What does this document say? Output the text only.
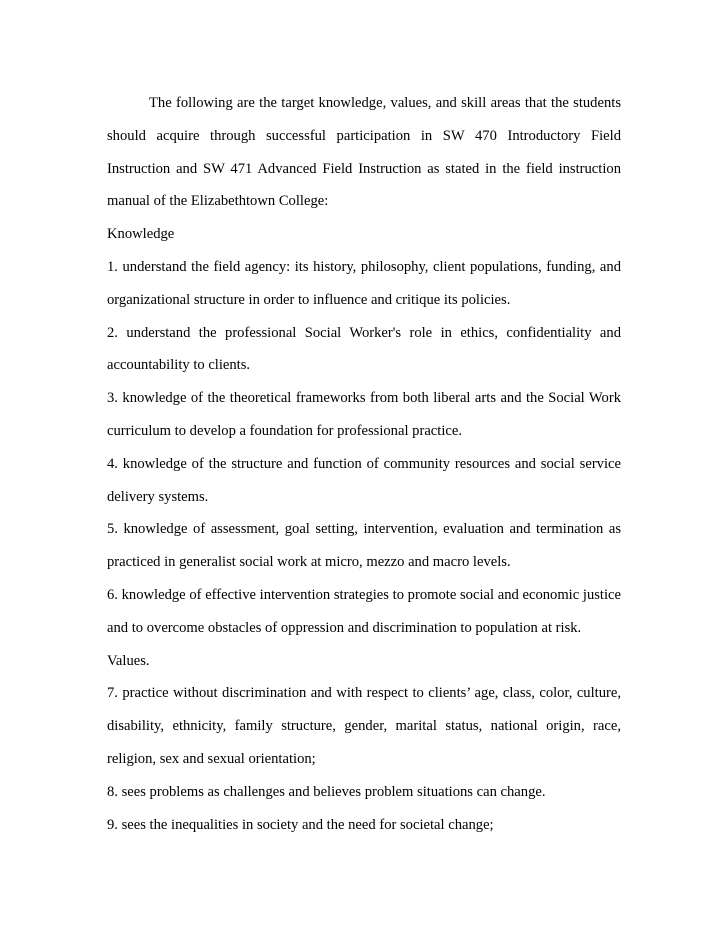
The following are the target knowledge, values, and skill areas that the students should acquire through successful participation in SW 470 Introductory Field Instruction and SW 471 Advanced Field Instruction as stated in the field instruction manual of the Elizabethtown College:

Knowledge

1. understand the field agency: its history, philosophy, client populations, funding, and organizational structure in order to influence and critique its policies.

2. understand the professional Social Worker's role in ethics, confidentiality and accountability to clients.

3. knowledge of the theoretical frameworks from both liberal arts and the Social Work curriculum to develop a foundation for professional practice.

4. knowledge of the structure and function of community resources and social service delivery systems.

5. knowledge of assessment, goal setting, intervention, evaluation and termination as practiced in generalist social work at micro, mezzo and macro levels.

6. knowledge of effective intervention strategies to promote social and economic justice and to overcome obstacles of oppression and discrimination to population at risk.

Values.

7. practice without discrimination and with respect to clients’ age, class, color, culture, disability, ethnicity, family structure, gender, marital status, national origin, race, religion, sex and sexual orientation;

8. sees problems as challenges and believes problem situations can change.

9. sees the inequalities in society and the need for societal change;
